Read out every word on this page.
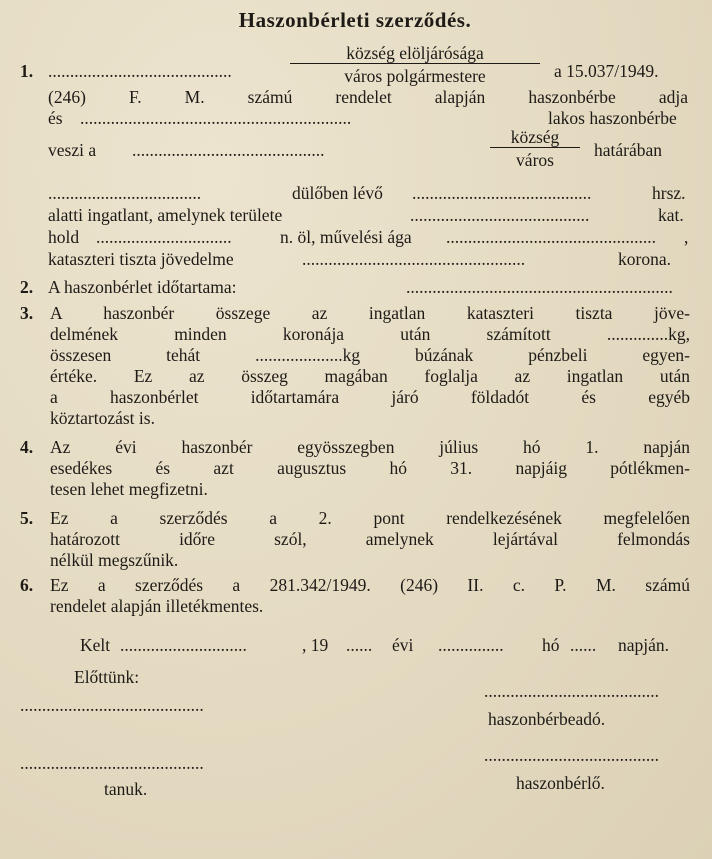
Haszonbérleti szerződés.
1. ..........................................
község elöljárósága
város polgármestere	a 15.037/1949.
(246) F. M. számú rendelet alapján haszonbérbe adja
és ..............................................................	lakos haszonbérbe
veszi a ............................................
község
város	határában
...................................	dülőben lévő .........................................	hrsz.
alatti ingatlant, amelynek területe	.........................................	kat.
hold ...............................	n. öl, művelési ága ................................................ ,
kataszteri tiszta jövedelme	...................................................	korona.
2. A haszonbérlet időtartama:	.............................................................
3. A haszonbér összege az ingatlan kataszteri tiszta jöve-
delmének minden koronája után számított ..............kg,
összesen tehát ....................kg búzának pénzbeli egyen-
értéke. Ez az összeg magában foglalja az ingatlan után
a haszonbérlet időtartamára járó földadót és egyéb
köztartozást is.
4. Az évi haszonbér egyösszegben július hó 1. napján
esedékes és azt augusztus hó 31. napjáig pótlékmen-
tesen lehet megfizetni.
5. Ez a szerződés a 2. pont rendelkezésének megfelelően
határozott időre szól, amelynek lejártával felmondás
nélkül megszűnik.
6. Ez a szerződés a 281.342/1949. (246) II. c. P. M. számú
rendelet alapján illetékmentes.
Kelt .............................	, 19 ...... évi ............... hó ...... napján.
Előttünk:
..........................................
........................................
haszonbérbeadó.
..........................................	........................................
tanuk.	haszonbérlő.
